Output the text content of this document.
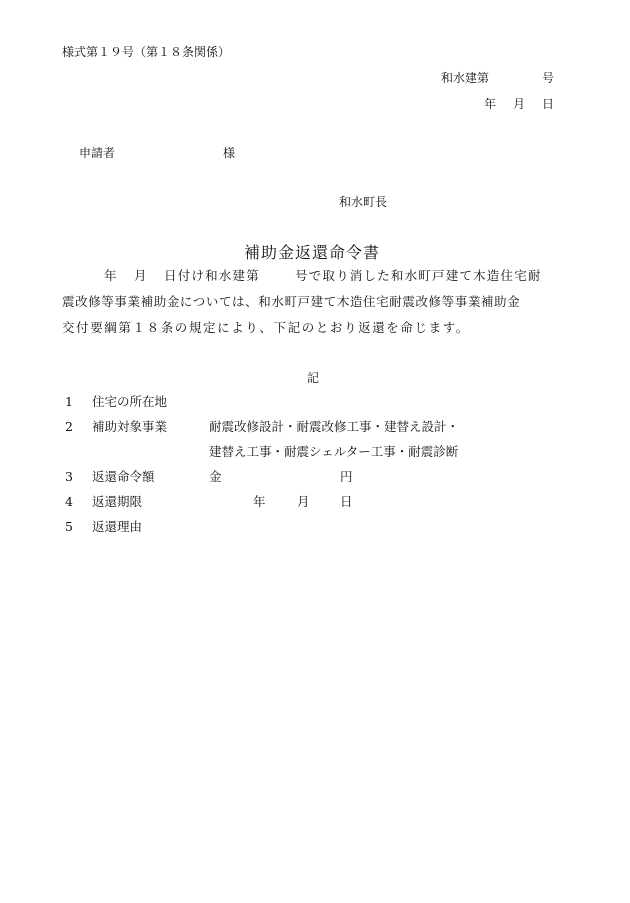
様式第１９号（第１８条関係）
和水建第	号
年 月 日
申請者	様
和水町長
補助金返還命令書
年 月 日付け和水建第	号で取り消した和水町戸建て木造住宅耐
震改修等事業補助金については、和水町戸建て木造住宅耐震改修等事業補助金
交付要綱第１８条の規定により、下記のとおり返還を命じます。
記
1 住宅の所在地
2 補助対象事業	耐震改修設計・耐震改修工事・建替え設計・
建替え工事・耐震シェルター工事・耐震診断
3 返還命令額	金	円
4 返還期限	年	月 日
5 返還理由
